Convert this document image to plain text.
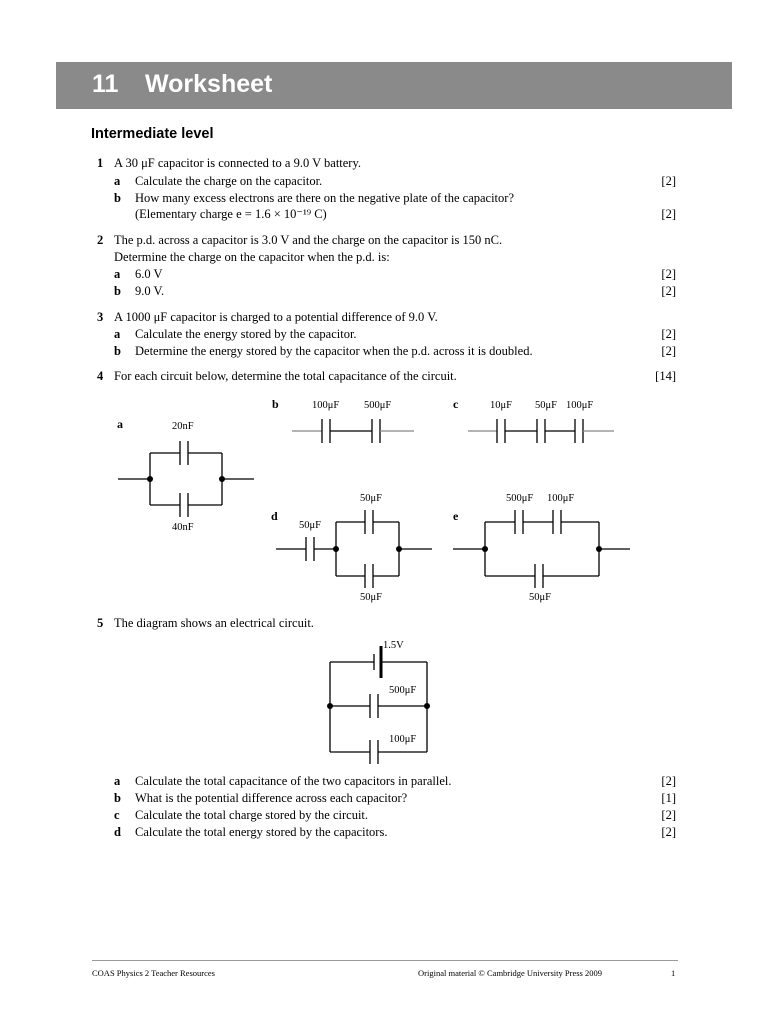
11 Worksheet
Intermediate level
1 A 30 μF capacitor is connected to a 9.0 V battery.
a Calculate the charge on the capacitor.	[2]
b How many excess electrons are there on the negative plate of the capacitor?
(Elementary charge e = 1.6 × 10⁻¹⁹ C)	[2]
2 The p.d. across a capacitor is 3.0 V and the charge on the capacitor is 150 nC.
Determine the charge on the capacitor when the p.d. is:
a 6.0 V	[2]
b 9.0 V.	[2]
3 A 1000 μF capacitor is charged to a potential difference of 9.0 V.
a Calculate the energy stored by the capacitor.	[2]
b Determine the energy stored by the capacitor when the p.d. across it is doubled.	[2]
4 For each circuit below, determine the total capacitance of the circuit.	[14]
a	20nF
40nF
b	100μF 500μF	c	10μF 50μF 100μF
d
50μF
50μF
50μF
e
500μF 100μF
50μF
5 The diagram shows an electrical circuit.
1.5V
500μF
100μF
a Calculate the total capacitance of the two capacitors in parallel.	[2]
b What is the potential difference across each capacitor?	[1]
c Calculate the total charge stored by the circuit.	[2]
d Calculate the total energy stored by the capacitors.	[2]
COAS Physics 2 Teacher Resources	Original material © Cambridge University Press 2009	1
